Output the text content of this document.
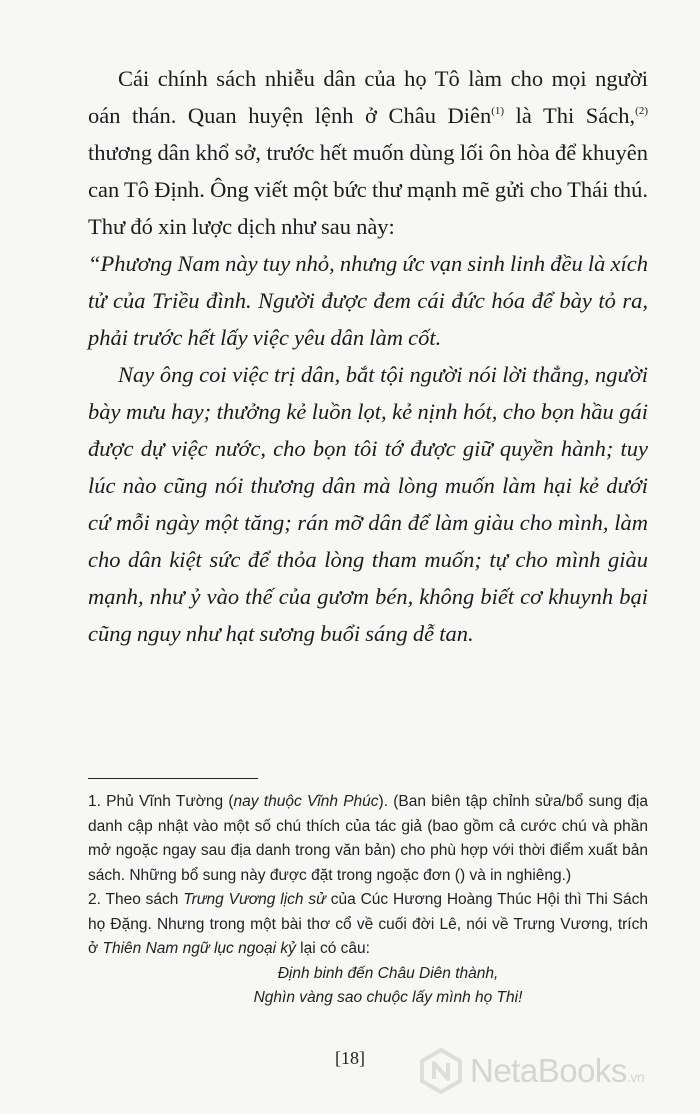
Cái chính sách nhiễu dân của họ Tô làm cho mọi người oán thán. Quan huyện lệnh ở Châu Diên$^{(1)}$ là Thi Sách,$^{(2)}$ thương dân khổ sở, trước hết muốn dùng lối ôn hòa để khuyên can Tô Định. Ông viết một bức thư mạnh mẽ gửi cho Thái thú. Thư đó xin lược dịch như sau này:

“Phương Nam này tuy nhỏ, nhưng ức vạn sinh linh đều là xích tử của Triều đình. Người được đem cái đức hóa để bày tỏ ra, phải trước hết lấy việc yêu dân làm cốt.

Nay ông coi việc trị dân, bắt tội người nói lời thẳng, người bày mưu hay; thưởng kẻ luồn lọt, kẻ nịnh hót, cho bọn hầu gái được dự việc nước, cho bọn tôi tớ được giữ quyền hành; tuy lúc nào cũng nói thương dân mà lòng muốn làm hại kẻ dưới cứ mỗi ngày một tăng; rán mỡ dân để làm giàu cho mình, làm cho dân kiệt sức để thỏa lòng tham muốn; tự cho mình giàu mạnh, như ỷ vào thế của gươm bén, không biết cơ khuynh bại cũng nguy như hạt sương buổi sáng dễ tan.

1. Phủ Vĩnh Tường (nay thuộc Vĩnh Phúc). (Ban biên tập chỉnh sửa/bổ sung địa danh cập nhật vào một số chú thích của tác giả (bao gồm cả cước chú và phần mở ngoặc ngay sau địa danh trong văn bản) cho phù hợp với thời điểm xuất bản sách. Những bổ sung này được đặt trong ngoặc đơn () và in nghiêng.)

2. Theo sách Trưng Vương lịch sử của Cúc Hương Hoàng Thúc Hội thì Thi Sách họ Đặng. Nhưng trong một bài thơ cổ về cuối đời Lê, nói về Trưng Vương, trích ở Thiên Nam ngữ lục ngoại kỷ lại có câu:

Định binh đến Châu Diên thành,

Nghìn vàng sao chuộc lấy mình họ Thi!

[18]	NetaBooks.vn
